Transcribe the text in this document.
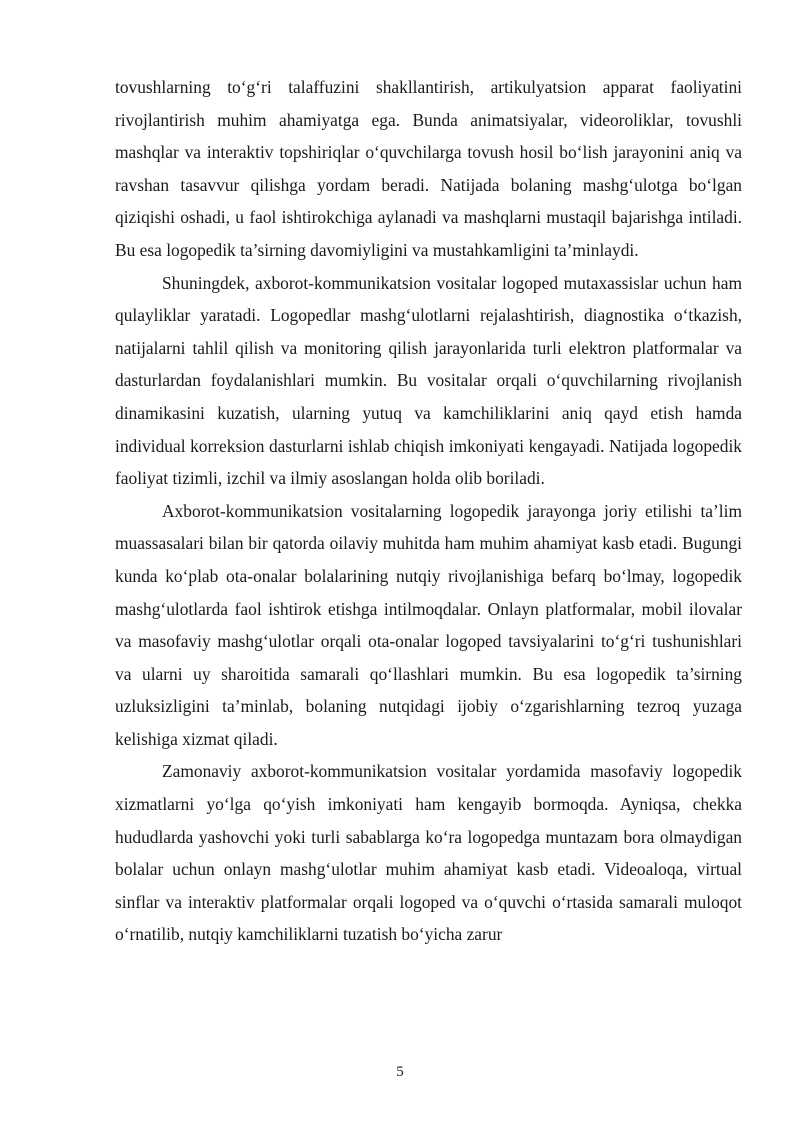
tovushlarning to‘g‘ri talaffuzini shakllantirish, artikulyatsion apparat faoliyatini rivojlantirish muhim ahamiyatga ega. Bunda animatsiyalar, videoroliklar, tovushli mashqlar va interaktiv topshiriqlar o‘quvchilarga tovush hosil bo‘lish jarayonini aniq va ravshan tasavvur qilishga yordam beradi. Natijada bolaning mashg‘ulotga bo‘lgan qiziqishi oshadi, u faol ishtirokchiga aylanadi va mashqlarni mustaqil bajarishga intiladi. Bu esa logopedik ta’sirning davomiyligini va mustahkamligini ta’minlaydi.

Shuningdek, axborot-kommunikatsion vositalar logoped mutaxassislar uchun ham qulayliklar yaratadi. Logopedlar mashg‘ulotlarni rejalashtirish, diagnostika o‘tkazish, natijalarni tahlil qilish va monitoring qilish jarayonlarida turli elektron platformalar va dasturlardan foydalanishlari mumkin. Bu vositalar orqali o‘quvchilarning rivojlanish dinamikasini kuzatish, ularning yutuq va kamchiliklarini aniq qayd etish hamda individual korreksion dasturlarni ishlab chiqish imkoniyati kengayadi. Natijada logopedik faoliyat tizimli, izchil va ilmiy asoslangan holda olib boriladi.

Axborot-kommunikatsion vositalarning logopedik jarayonga joriy etilishi ta’lim muassasalari bilan bir qatorda oilaviy muhitda ham muhim ahamiyat kasb etadi. Bugungi kunda ko‘plab ota-onalar bolalarining nutqiy rivojlanishiga befarq bo‘lmay, logopedik mashg‘ulotlarda faol ishtirok etishga intilmoqdalar. Onlayn platformalar, mobil ilovalar va masofaviy mashg‘ulotlar orqali ota-onalar logoped tavsiyalarini to‘g‘ri tushunishlari va ularni uy sharoitida samarali qo‘llashlari mumkin. Bu esa logopedik ta’sirning uzluksizligini ta’minlab, bolaning nutqidagi ijobiy o‘zgarishlarning tezroq yuzaga kelishiga xizmat qiladi.

Zamonaviy axborot-kommunikatsion vositalar yordamida masofaviy logopedik xizmatlarni yo‘lga qo‘yish imkoniyati ham kengayib bormoqda. Ayniqsa, chekka hududlarda yashovchi yoki turli sabablarga ko‘ra logopedga muntazam bora olmaydigan bolalar uchun onlayn mashg‘ulotlar muhim ahamiyat kasb etadi. Videoaloqa, virtual sinflar va interaktiv platformalar orqali logoped va o‘quvchi o‘rtasida samarali muloqot o‘rnatilib, nutqiy kamchiliklarni tuzatish bo‘yicha zarur

5
